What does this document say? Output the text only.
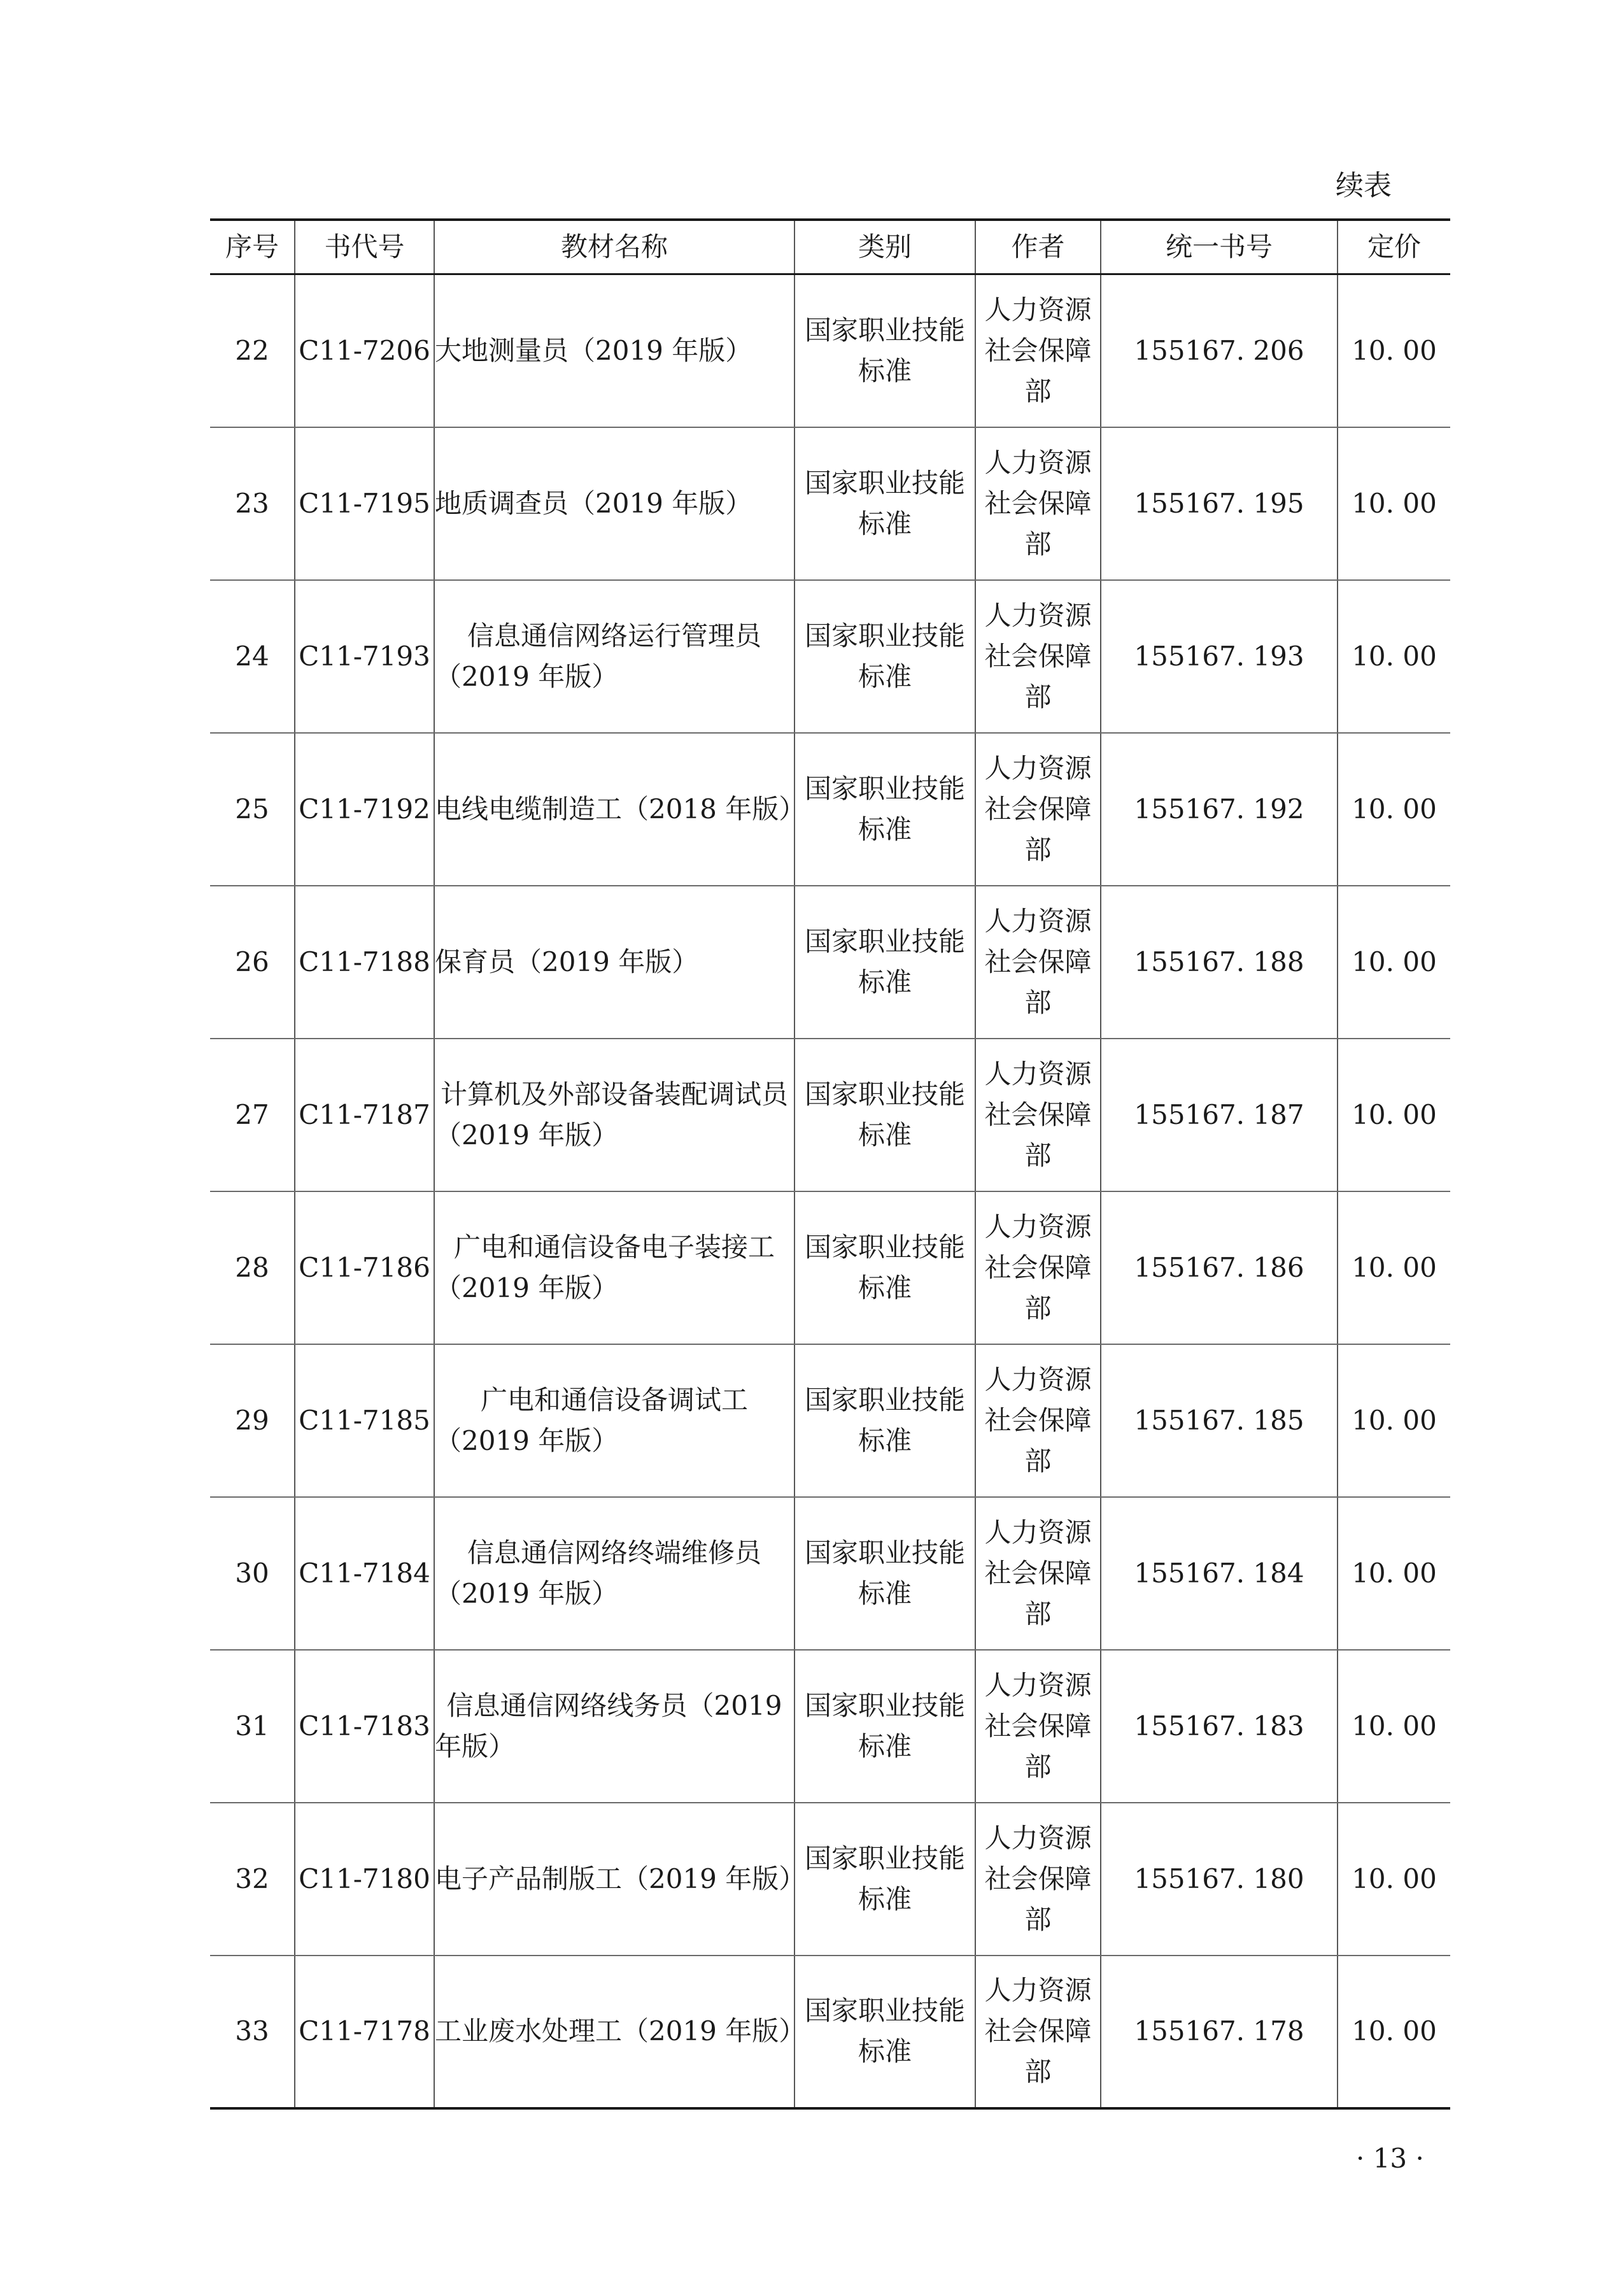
续表
序号	书代号	教材名称	类别	作者	统一书号	定价
22	C11-7206	大地测量员（2019 年版）	国家职业技能标准	人力资源社会保障部	155167. 206	10. 00
23	C11-7195	地质调查员（2019 年版）	国家职业技能标准	人力资源社会保障部	155167. 195	10. 00
24	C11-7193	信息通信网络运行管理员（2019 年版）	国家职业技能标准	人力资源社会保障部	155167. 193	10. 00
25	C11-7192	电线电缆制造工（2018 年版）	国家职业技能标准	人力资源社会保障部	155167. 192	10. 00
26	C11-7188	保育员（2019 年版）	国家职业技能标准	人力资源社会保障部	155167. 188	10. 00
27	C11-7187	计算机及外部设备装配调试员（2019 年版）	国家职业技能标准	人力资源社会保障部	155167. 187	10. 00
28	C11-7186	广电和通信设备电子装接工（2019 年版）	国家职业技能标准	人力资源社会保障部	155167. 186	10. 00
29	C11-7185	广电和通信设备调试工（2019 年版）	国家职业技能标准	人力资源社会保障部	155167. 185	10. 00
30	C11-7184	信息通信网络终端维修员（2019 年版）	国家职业技能标准	人力资源社会保障部	155167. 184	10. 00
31	C11-7183	信息通信网络线务员（2019 年版）	国家职业技能标准	人力资源社会保障部	155167. 183	10. 00
32	C11-7180	电子产品制版工（2019 年版）	国家职业技能标准	人力资源社会保障部	155167. 180	10. 00
33	C11-7178	工业废水处理工（2019 年版）	国家职业技能标准	人力资源社会保障部	155167. 178	10. 00
· 13 ·
